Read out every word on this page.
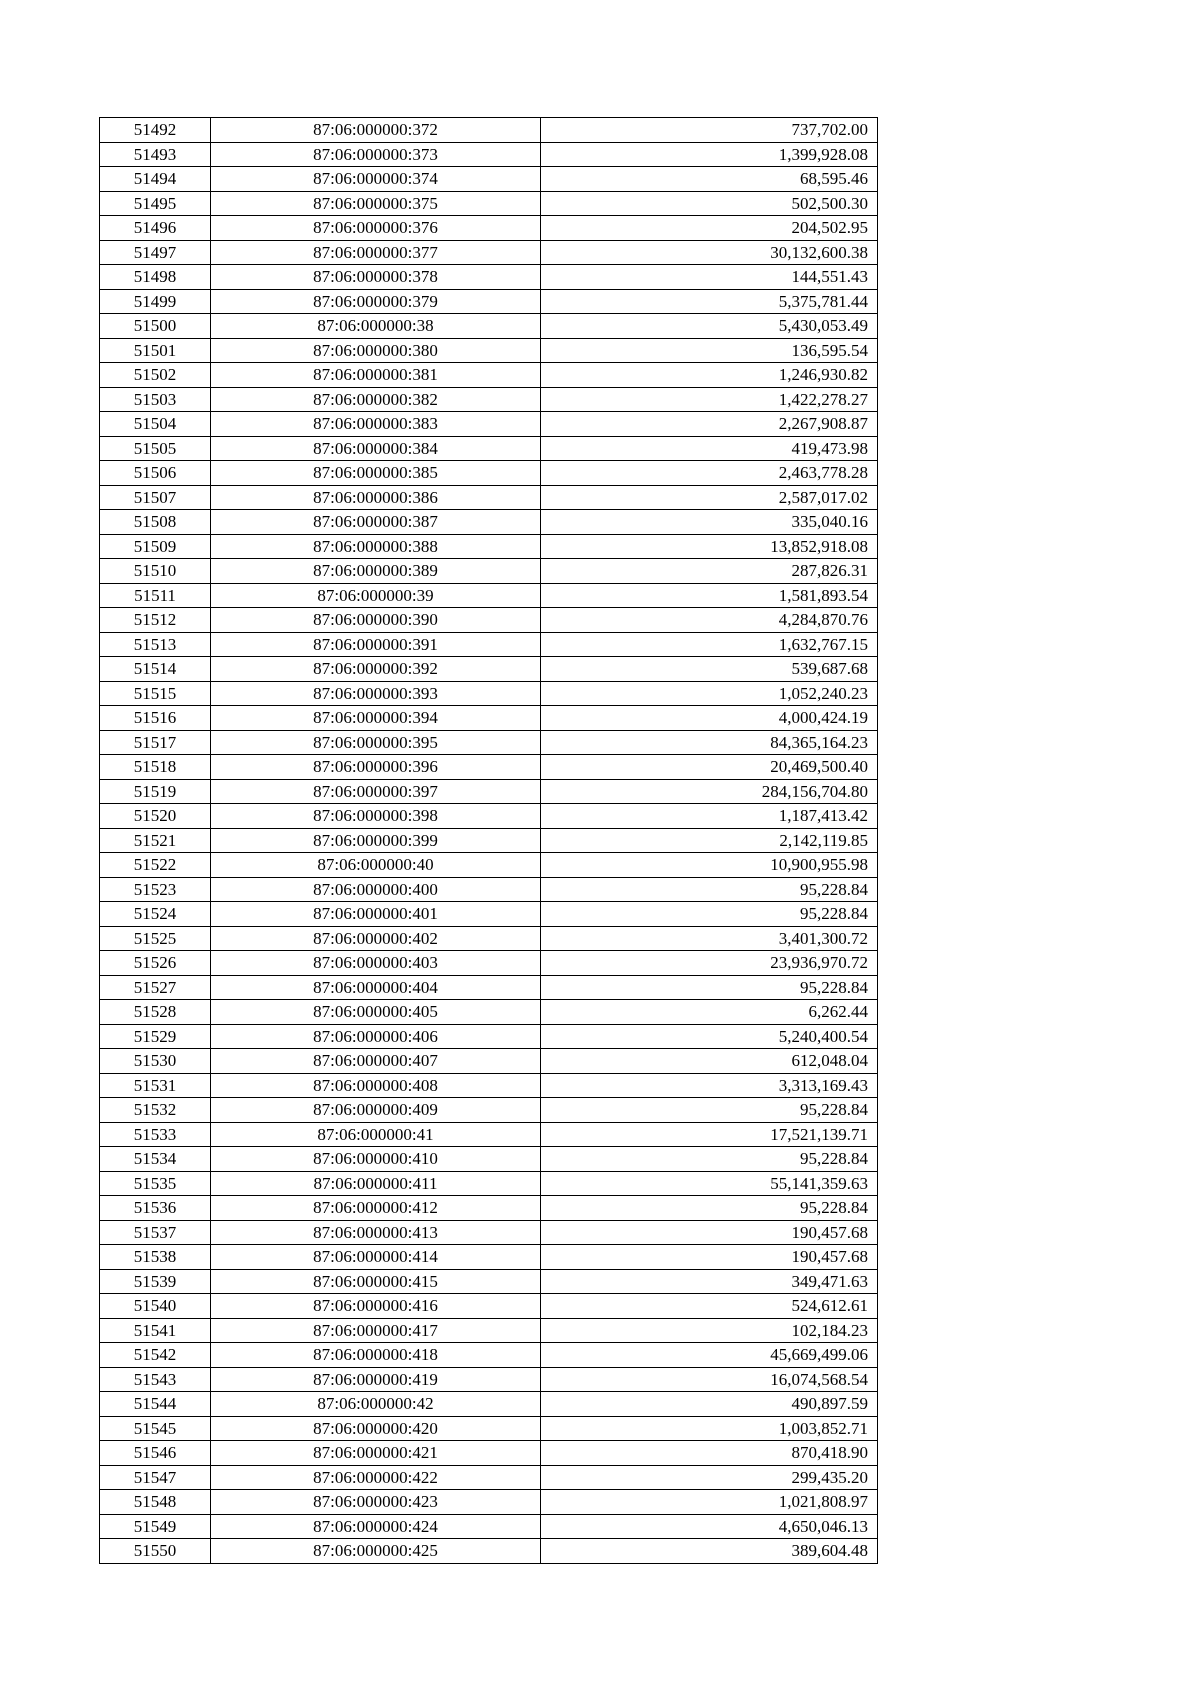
51492	87:06:000000:372	737,702.00
51493	87:06:000000:373	1,399,928.08
51494	87:06:000000:374	68,595.46
51495	87:06:000000:375	502,500.30
51496	87:06:000000:376	204,502.95
51497	87:06:000000:377	30,132,600.38
51498	87:06:000000:378	144,551.43
51499	87:06:000000:379	5,375,781.44
51500	87:06:000000:38	5,430,053.49
51501	87:06:000000:380	136,595.54
51502	87:06:000000:381	1,246,930.82
51503	87:06:000000:382	1,422,278.27
51504	87:06:000000:383	2,267,908.87
51505	87:06:000000:384	419,473.98
51506	87:06:000000:385	2,463,778.28
51507	87:06:000000:386	2,587,017.02
51508	87:06:000000:387	335,040.16
51509	87:06:000000:388	13,852,918.08
51510	87:06:000000:389	287,826.31
51511	87:06:000000:39	1,581,893.54
51512	87:06:000000:390	4,284,870.76
51513	87:06:000000:391	1,632,767.15
51514	87:06:000000:392	539,687.68
51515	87:06:000000:393	1,052,240.23
51516	87:06:000000:394	4,000,424.19
51517	87:06:000000:395	84,365,164.23
51518	87:06:000000:396	20,469,500.40
51519	87:06:000000:397	284,156,704.80
51520	87:06:000000:398	1,187,413.42
51521	87:06:000000:399	2,142,119.85
51522	87:06:000000:40	10,900,955.98
51523	87:06:000000:400	95,228.84
51524	87:06:000000:401	95,228.84
51525	87:06:000000:402	3,401,300.72
51526	87:06:000000:403	23,936,970.72
51527	87:06:000000:404	95,228.84
51528	87:06:000000:405	6,262.44
51529	87:06:000000:406	5,240,400.54
51530	87:06:000000:407	612,048.04
51531	87:06:000000:408	3,313,169.43
51532	87:06:000000:409	95,228.84
51533	87:06:000000:41	17,521,139.71
51534	87:06:000000:410	95,228.84
51535	87:06:000000:411	55,141,359.63
51536	87:06:000000:412	95,228.84
51537	87:06:000000:413	190,457.68
51538	87:06:000000:414	190,457.68
51539	87:06:000000:415	349,471.63
51540	87:06:000000:416	524,612.61
51541	87:06:000000:417	102,184.23
51542	87:06:000000:418	45,669,499.06
51543	87:06:000000:419	16,074,568.54
51544	87:06:000000:42	490,897.59
51545	87:06:000000:420	1,003,852.71
51546	87:06:000000:421	870,418.90
51547	87:06:000000:422	299,435.20
51548	87:06:000000:423	1,021,808.97
51549	87:06:000000:424	4,650,046.13
51550	87:06:000000:425	389,604.48
